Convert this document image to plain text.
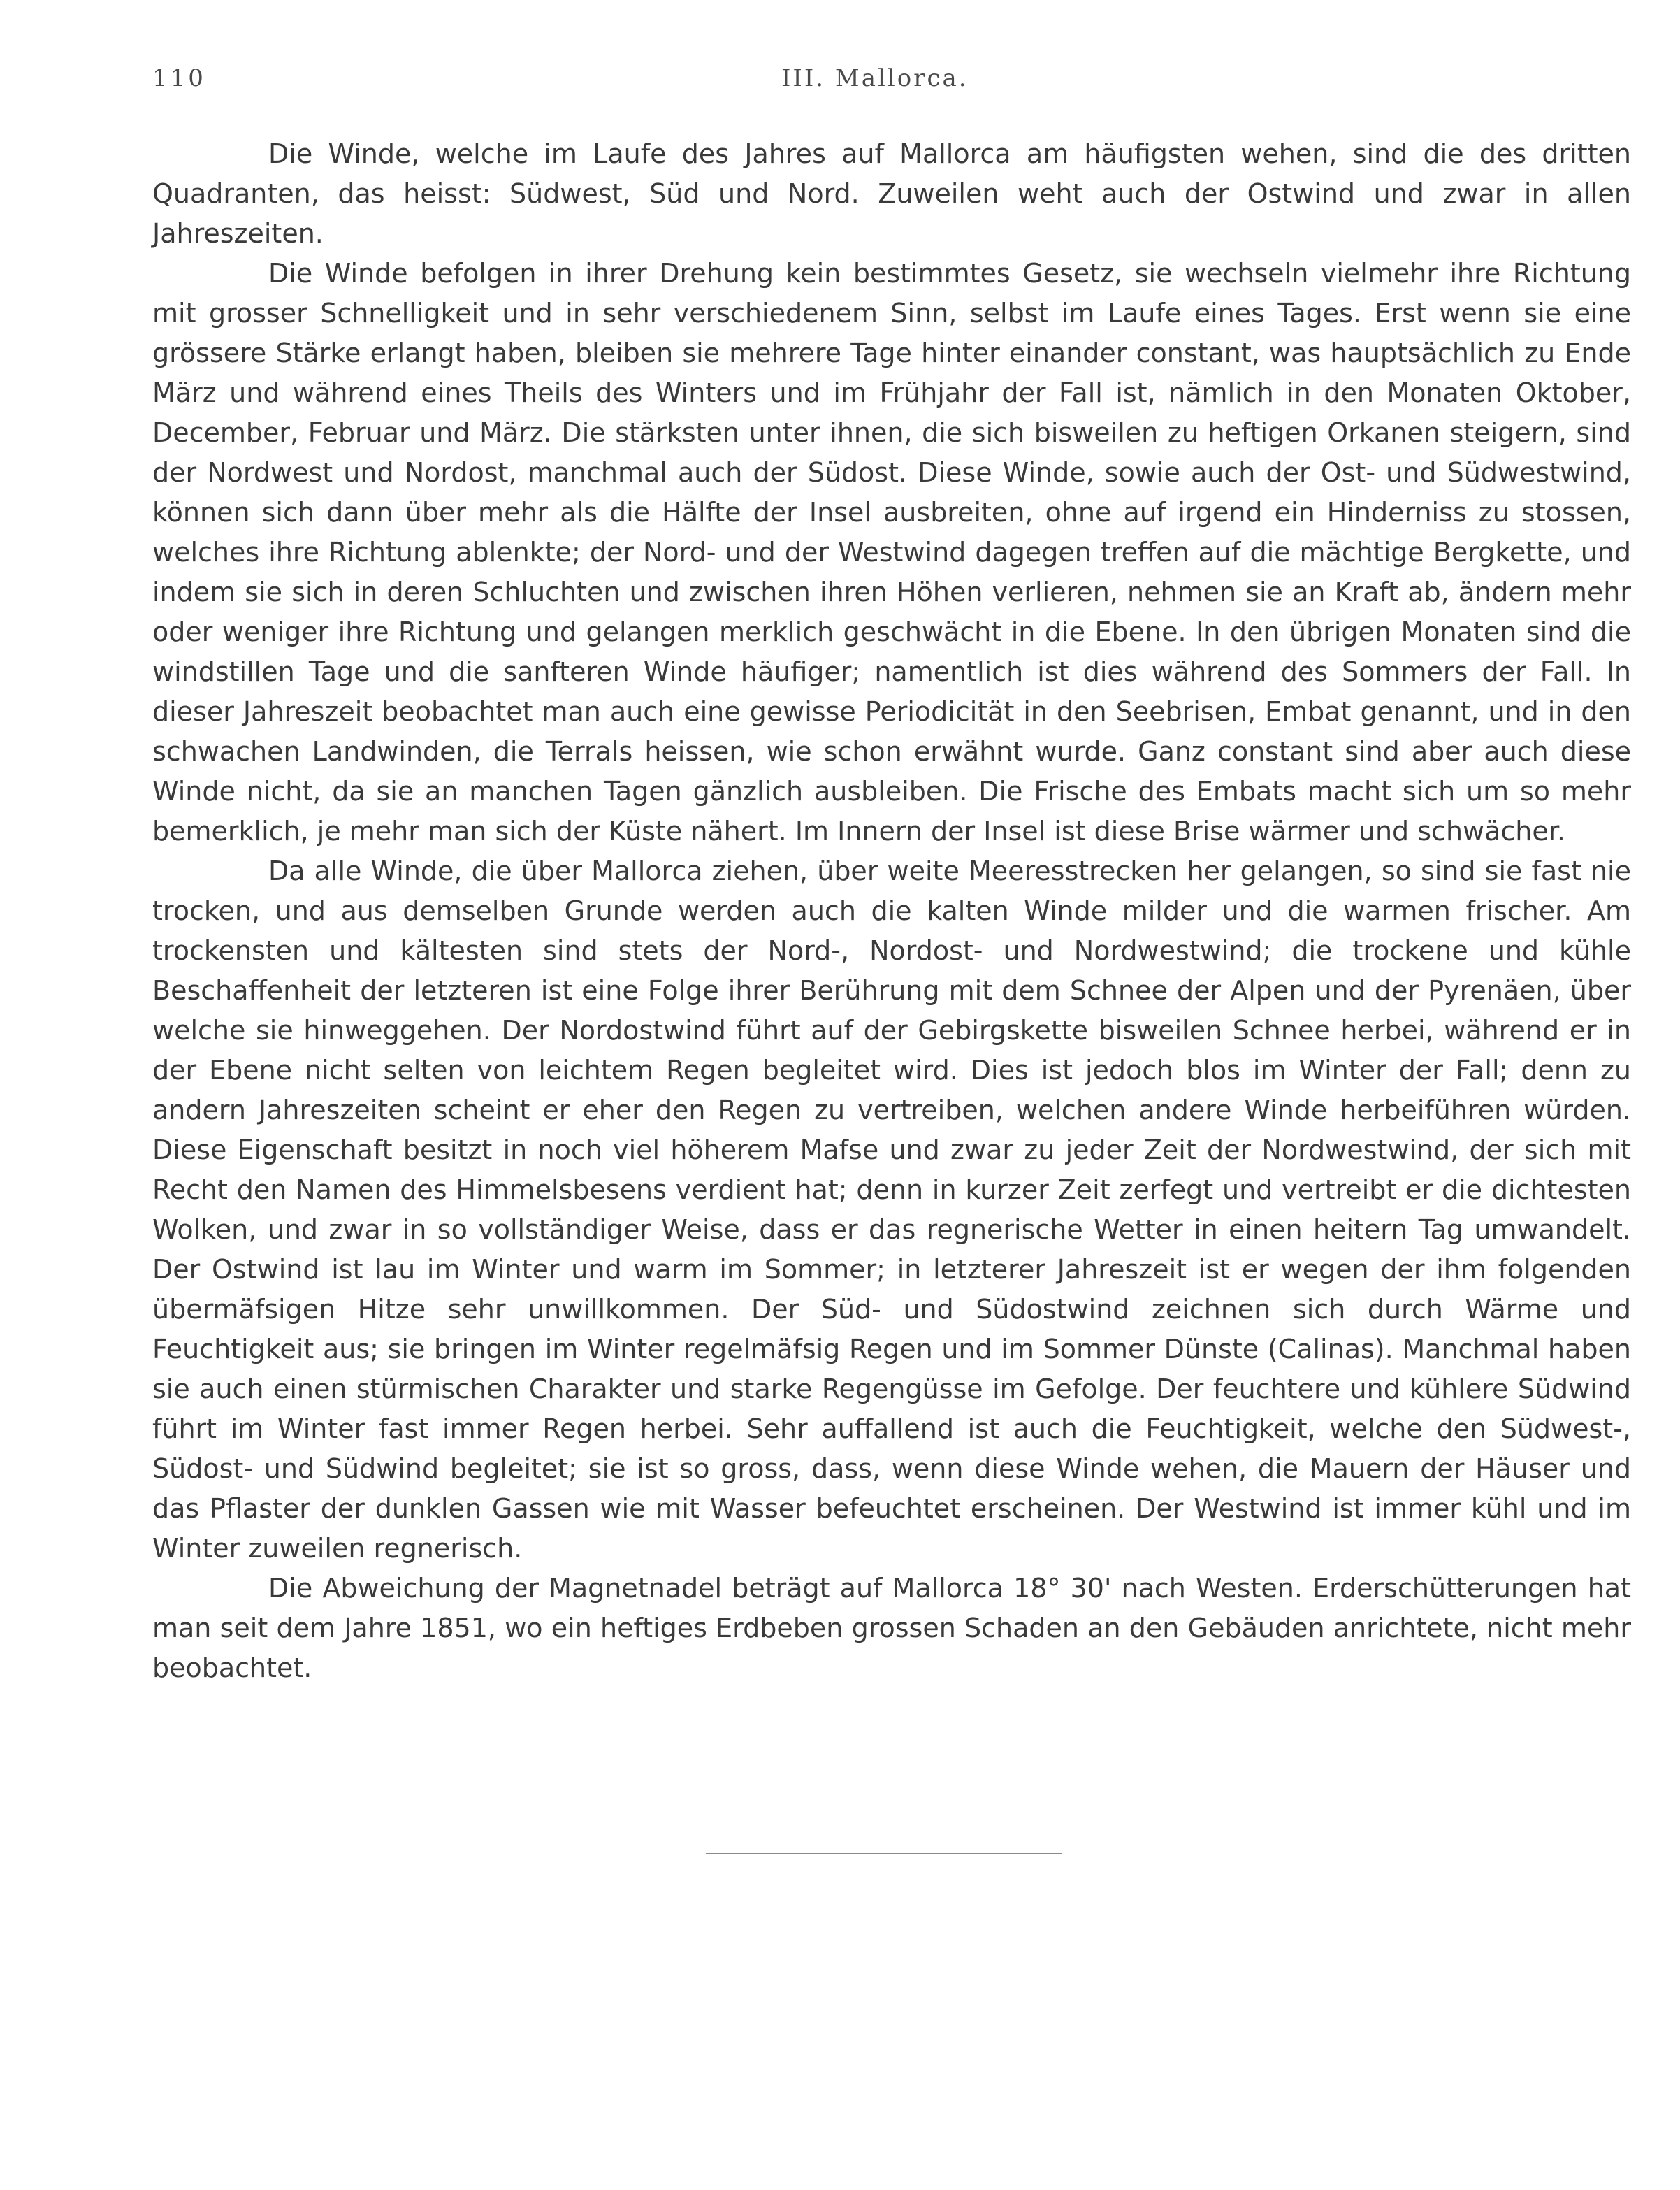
110	III. Mallorca.

Die Winde, welche im Laufe des Jahres auf Mallorca am häufigsten wehen, sind die des dritten Quadranten, das heisst: Südwest, Süd und Nord. Zuweilen weht auch der Ostwind und zwar in allen Jahreszeiten.

Die Winde befolgen in ihrer Drehung kein bestimmtes Gesetz, sie wechseln vielmehr ihre Richtung mit grosser Schnelligkeit und in sehr verschiedenem Sinn, selbst im Laufe eines Tages. Erst wenn sie eine grössere Stärke erlangt haben, bleiben sie mehrere Tage hinter einander constant, was hauptsächlich zu Ende März und während eines Theils des Winters und im Frühjahr der Fall ist, nämlich in den Monaten Oktober, December, Februar und März. Die stärksten unter ihnen, die sich bisweilen zu heftigen Orkanen steigern, sind der Nordwest und Nordost, manchmal auch der Südost. Diese Winde, sowie auch der Ost- und Südwestwind, können sich dann über mehr als die Hälfte der Insel ausbreiten, ohne auf irgend ein Hinderniss zu stossen, welches ihre Richtung ablenkte; der Nord- und der Westwind dagegen treffen auf die mächtige Bergkette, und indem sie sich in deren Schluchten und zwischen ihren Höhen verlieren, nehmen sie an Kraft ab, ändern mehr oder weniger ihre Richtung und gelangen merklich geschwächt in die Ebene. In den übrigen Monaten sind die windstillen Tage und die sanfteren Winde häufiger; namentlich ist dies während des Sommers der Fall. In dieser Jahreszeit beobachtet man auch eine gewisse Periodicität in den Seebrisen, Embat genannt, und in den schwachen Landwinden, die Terrals heissen, wie schon erwähnt wurde. Ganz constant sind aber auch diese Winde nicht, da sie an manchen Tagen gänzlich ausbleiben. Die Frische des Embats macht sich um so mehr bemerklich, je mehr man sich der Küste nähert. Im Innern der Insel ist diese Brise wärmer und schwächer.

Da alle Winde, die über Mallorca ziehen, über weite Meeresstrecken her gelangen, so sind sie fast nie trocken, und aus demselben Grunde werden auch die kalten Winde milder und die warmen frischer. Am trockensten und kältesten sind stets der Nord-, Nordost- und Nordwestwind; die trockene und kühle Beschaffenheit der letzteren ist eine Folge ihrer Berührung mit dem Schnee der Alpen und der Pyrenäen, über welche sie hinweggehen. Der Nordostwind führt auf der Gebirgskette bisweilen Schnee herbei, während er in der Ebene nicht selten von leichtem Regen begleitet wird. Dies ist jedoch blos im Winter der Fall; denn zu andern Jahreszeiten scheint er eher den Regen zu vertreiben, welchen andere Winde herbeiführen würden. Diese Eigenschaft besitzt in noch viel höherem Mafse und zwar zu jeder Zeit der Nordwestwind, der sich mit Recht den Namen des Himmelsbesens verdient hat; denn in kurzer Zeit zerfegt und vertreibt er die dichtesten Wolken, und zwar in so vollständiger Weise, dass er das regnerische Wetter in einen heitern Tag umwandelt. Der Ostwind ist lau im Winter und warm im Sommer; in letzterer Jahreszeit ist er wegen der ihm folgenden übermäfsigen Hitze sehr unwillkommen. Der Süd- und Südostwind zeichnen sich durch Wärme und Feuchtigkeit aus; sie bringen im Winter regelmäfsig Regen und im Sommer Dünste (Calinas). Manchmal haben sie auch einen stürmischen Charakter und starke Regengüsse im Gefolge. Der feuchtere und kühlere Südwind führt im Winter fast immer Regen herbei. Sehr auffallend ist auch die Feuchtigkeit, welche den Südwest-, Südost- und Südwind begleitet; sie ist so gross, dass, wenn diese Winde wehen, die Mauern der Häuser und das Pflaster der dunklen Gassen wie mit Wasser befeuchtet erscheinen. Der Westwind ist immer kühl und im Winter zuweilen regnerisch.

Die Abweichung der Magnetnadel beträgt auf Mallorca 18° 30' nach Westen. Erderschütterungen hat man seit dem Jahre 1851, wo ein heftiges Erdbeben grossen Schaden an den Gebäuden anrichtete, nicht mehr beobachtet.
